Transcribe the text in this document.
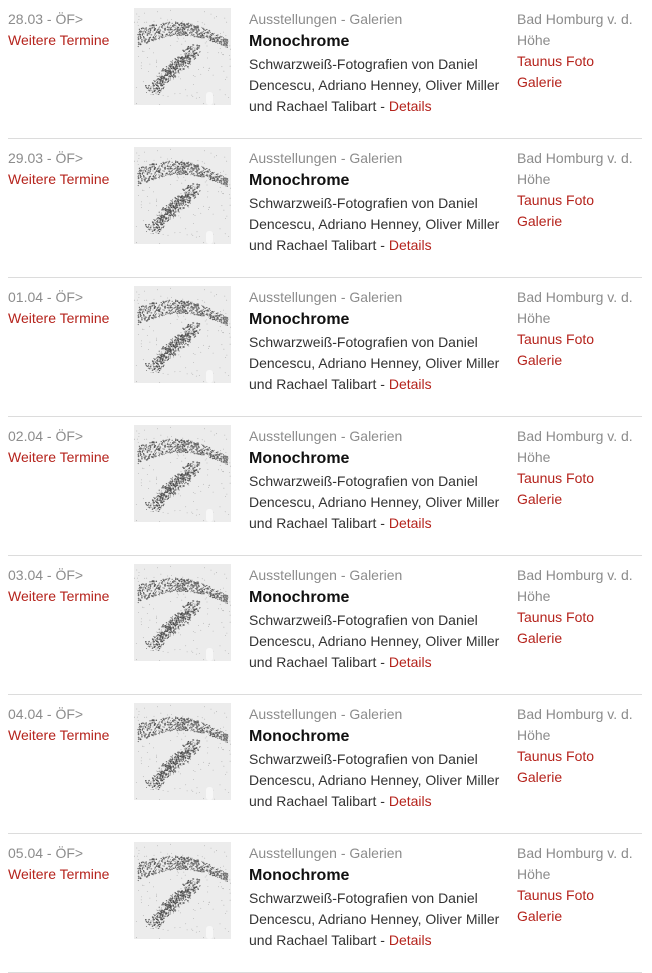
28.03 - ÖF>
Weitere Termine
Ausstellungen - Galerien
Monochrome
Schwarzweiß-Fotografien von Daniel Dencescu, Adriano Henney, Oliver Miller und Rachael Talibart - Details
Bad Homburg v. d. Höhe
Taunus Foto Galerie
29.03 - ÖF>
Weitere Termine
Ausstellungen - Galerien
Monochrome
Schwarzweiß-Fotografien von Daniel Dencescu, Adriano Henney, Oliver Miller und Rachael Talibart - Details
Bad Homburg v. d. Höhe
Taunus Foto Galerie
01.04 - ÖF>
Weitere Termine
Ausstellungen - Galerien
Monochrome
Schwarzweiß-Fotografien von Daniel Dencescu, Adriano Henney, Oliver Miller und Rachael Talibart - Details
Bad Homburg v. d. Höhe
Taunus Foto Galerie
02.04 - ÖF>
Weitere Termine
Ausstellungen - Galerien
Monochrome
Schwarzweiß-Fotografien von Daniel Dencescu, Adriano Henney, Oliver Miller und Rachael Talibart - Details
Bad Homburg v. d. Höhe
Taunus Foto Galerie
03.04 - ÖF>
Weitere Termine
Ausstellungen - Galerien
Monochrome
Schwarzweiß-Fotografien von Daniel Dencescu, Adriano Henney, Oliver Miller und Rachael Talibart - Details
Bad Homburg v. d. Höhe
Taunus Foto Galerie
04.04 - ÖF>
Weitere Termine
Ausstellungen - Galerien
Monochrome
Schwarzweiß-Fotografien von Daniel Dencescu, Adriano Henney, Oliver Miller und Rachael Talibart - Details
Bad Homburg v. d. Höhe
Taunus Foto Galerie
05.04 - ÖF>
Weitere Termine
Ausstellungen - Galerien
Monochrome
Schwarzweiß-Fotografien von Daniel Dencescu, Adriano Henney, Oliver Miller und Rachael Talibart - Details
Bad Homburg v. d. Höhe
Taunus Foto Galerie
